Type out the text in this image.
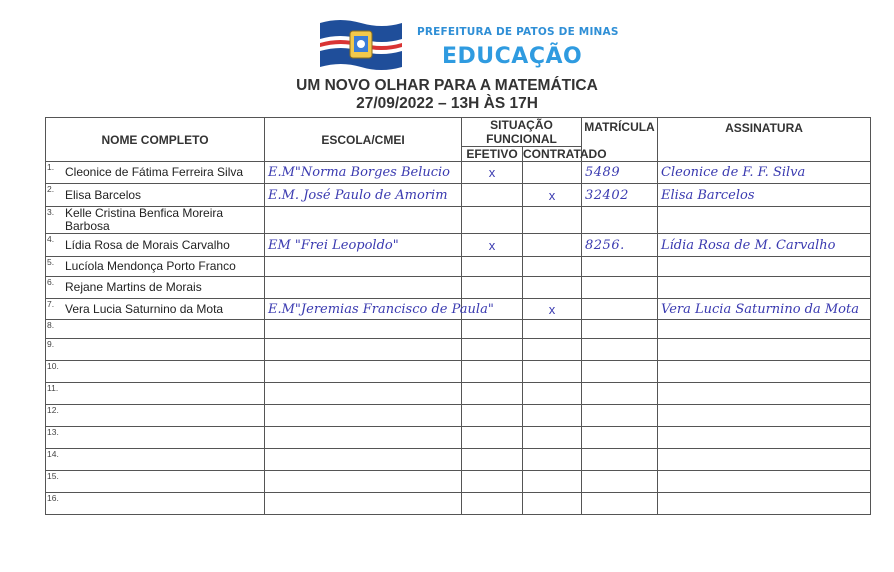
PREFEITURA DE PATOS DE MINAS
EDUCAÇÃO
UM NOVO OLHAR PARA A MATEMÁTICA
27/09/2022 – 13H ÀS 17H
NOME COMPLETO	ESCOLA/CMEI	SITUAÇÃO FUNCIONAL		MATRÍCULA	ASSINATURA
		EFETIVO	CONTRATADO		

1. Cleonice de Fátima Ferreira Silva	E.M"Norma Borges Belucio	x		5489	Cleonice de F. F. Silva

2. Elisa Barcelos	E.M. José Paulo de Amorim		x	32402	Elisa Barcelos

3. Kelle Cristina Benfica Moreira Barbosa					

4. Lídia Rosa de Morais Carvalho	EM "Frei Leopoldo"	x		8256.	Lídia Rosa de M. Carvalho

5. Lucíola Mendonça Porto Franco					

6. Rejane Martins de Morais					

7. Vera Lucia Saturnino da Mota	E.M"Jeremias Francisco de Paula"		x		Vera Lucia Saturnino da Mota

8.					

9.					

10.					

11.					

12.					

13.					

14.					

15.					

16.					
